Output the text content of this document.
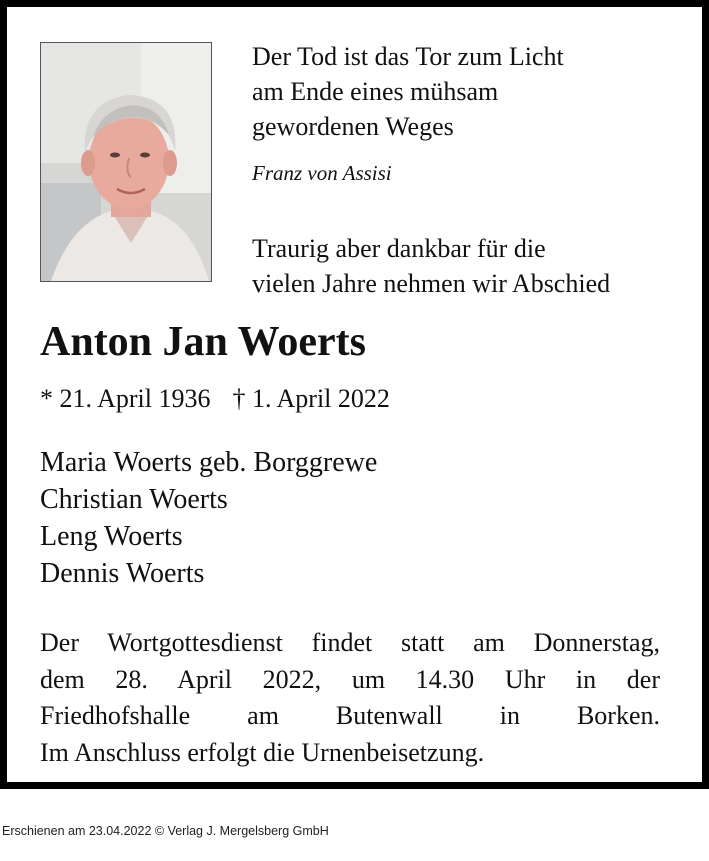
Der Tod ist das Tor zum Licht
am Ende eines mühsam
gewordenen Weges
Franz von Assisi
Traurig aber dankbar für die
vielen Jahre nehmen wir Abschied
Anton Jan Woerts
* 21. April 1936 † 1. April 2022
Maria Woerts geb. Borggrewe
Christian Woerts
Leng Woerts
Dennis Woerts
Der Wortgottesdienst findet statt am Donnerstag,
dem 28. April 2022, um 14.30 Uhr in der
Friedhofshalle am Butenwall in Borken.
Im Anschluss erfolgt die Urnenbeisetzung.
Erschienen am 23.04.2022 © Verlag J. Mergelsberg GmbH
